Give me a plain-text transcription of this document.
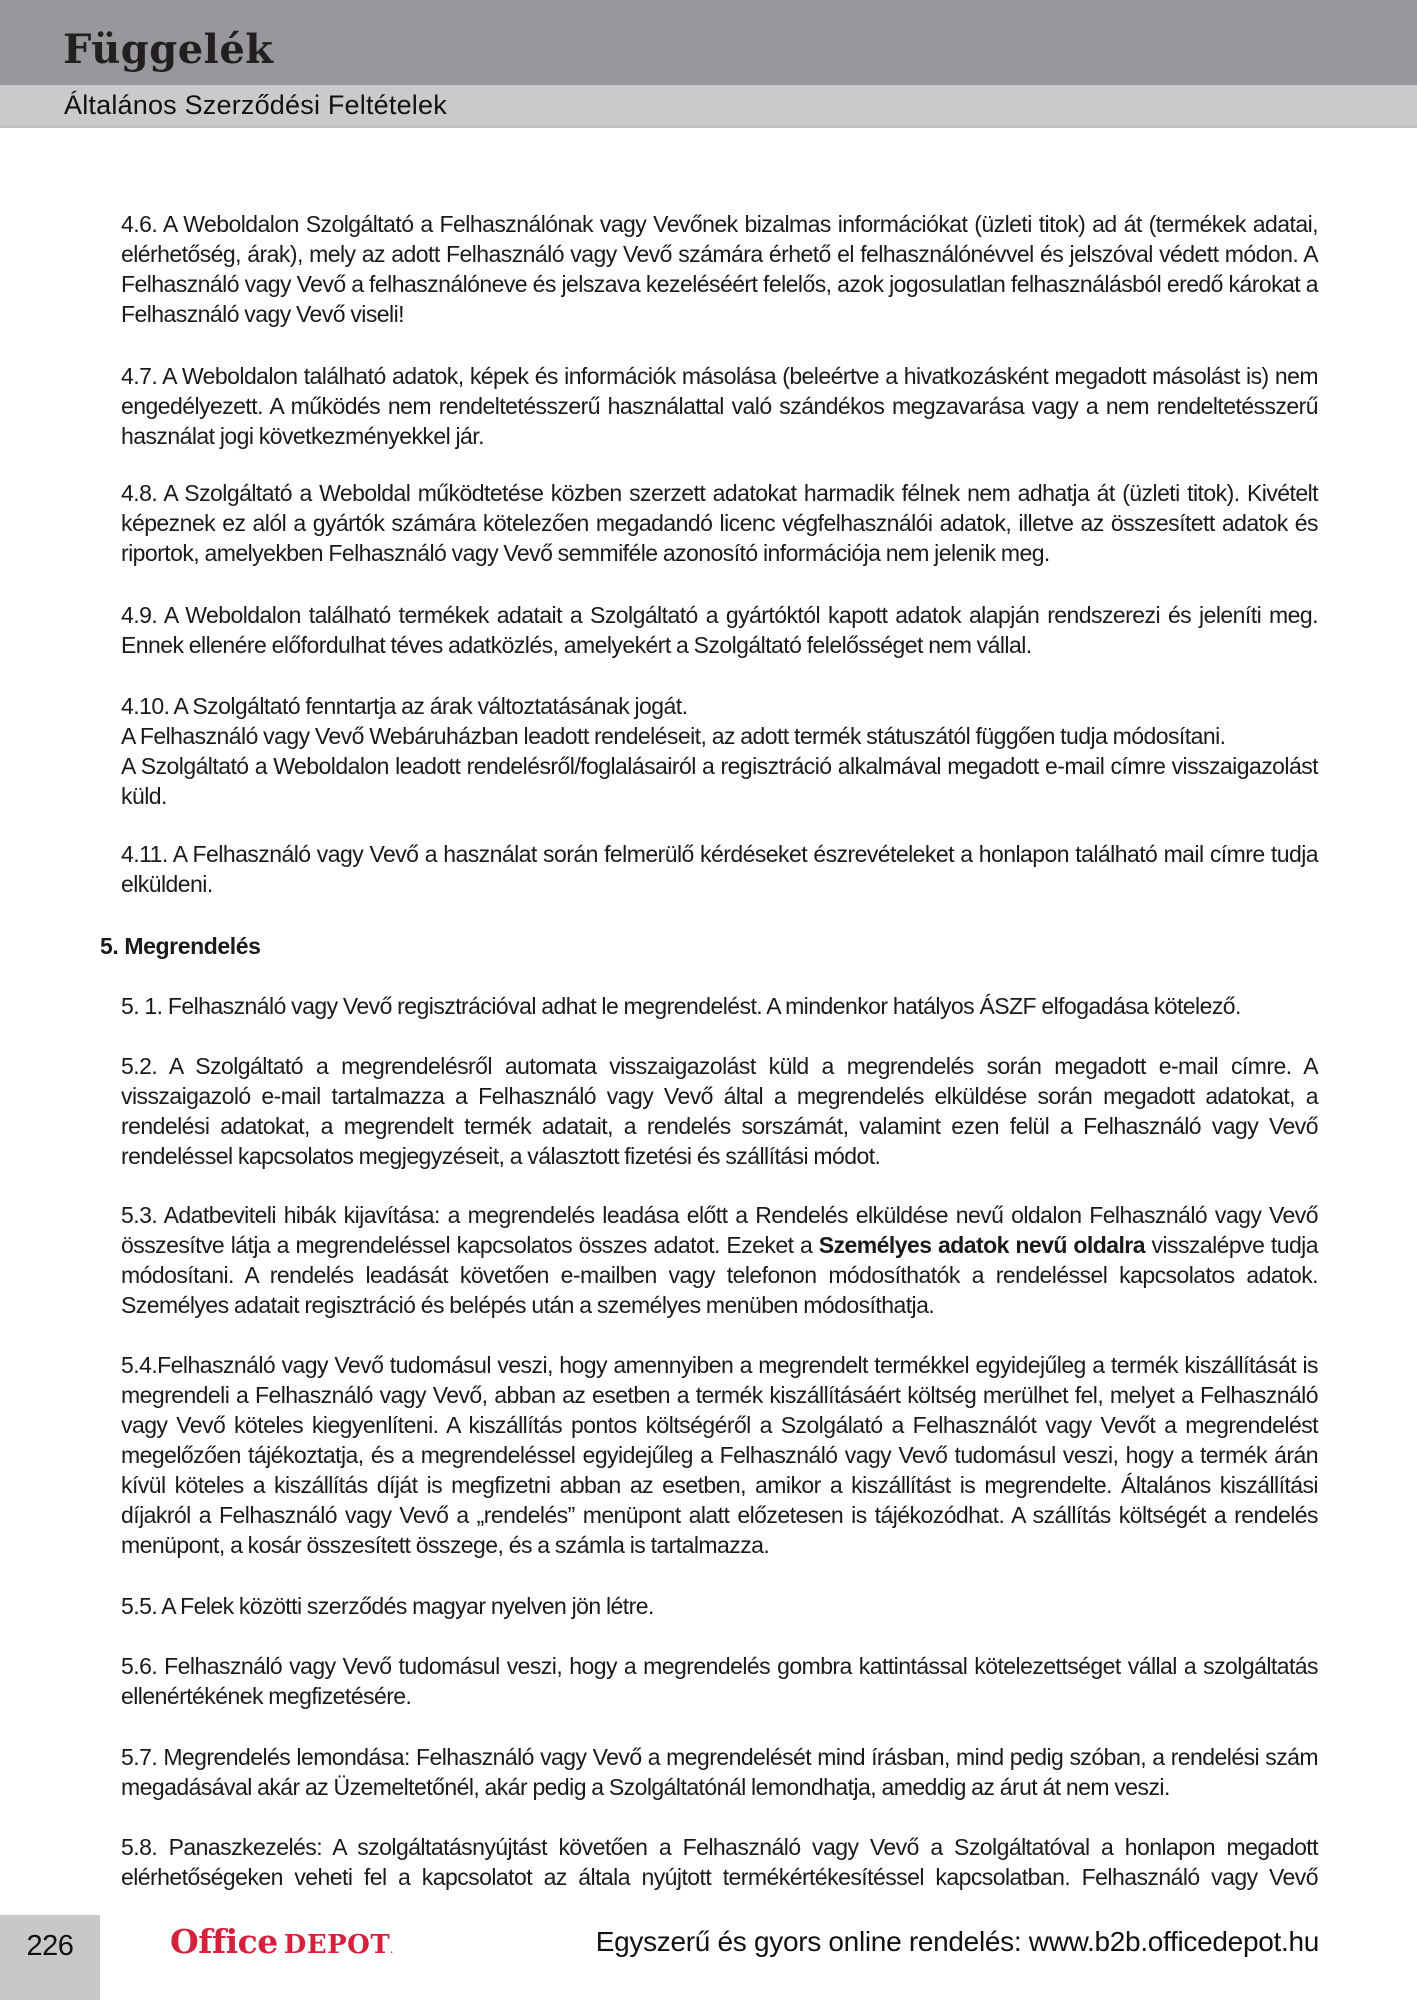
Függelék
Általános Szerződési Feltételek
4.6. A Weboldalon Szolgáltató a Felhasználónak vagy Vevőnek bizalmas információkat (üzleti titok) ad át (termékek adatai,
elérhetőség, árak), mely az adott Felhasználó vagy Vevő számára érhető el felhasználónévvel és jelszóval védett módon. A
Felhasználó vagy Vevő a felhasználóneve és jelszava kezeléséért felelős, azok jogosulatlan felhasználásból eredő károkat a
Felhasználó vagy Vevő viseli!
4.7. A Weboldalon található adatok, képek és információk másolása (beleértve a hivatkozásként megadott másolást is) nem
engedélyezett. A működés nem rendeltetésszerű használattal való szándékos megzavarása vagy a nem rendeltetésszerű
használat jogi következményekkel jár.
4.8. A Szolgáltató a Weboldal működtetése közben szerzett adatokat harmadik félnek nem adhatja át (üzleti titok). Kivételt
képeznek ez alól a gyártók számára kötelezően megadandó licenc végfelhasználói adatok, illetve az összesített adatok és
riportok, amelyekben Felhasználó vagy Vevő semmiféle azonosító információja nem jelenik meg.
4.9. A Weboldalon található termékek adatait a Szolgáltató a gyártóktól kapott adatok alapján rendszerezi és jeleníti meg.
Ennek ellenére előfordulhat téves adatközlés, amelyekért a Szolgáltató felelősséget nem vállal.
4.10. A Szolgáltató fenntartja az árak változtatásának jogát.
A Felhasználó vagy Vevő Webáruházban leadott rendeléseit, az adott termék státuszától függően tudja módosítani.
A Szolgáltató a Weboldalon leadott rendelésről/foglalásairól a regisztráció alkalmával megadott e-mail címre visszaigazolást
küld.
4.11. A Felhasználó vagy Vevő a használat során felmerülő kérdéseket észrevételeket a honlapon található mail címre tudja
elküldeni.
5. Megrendelés
5. 1. Felhasználó vagy Vevő regisztrációval adhat le megrendelést. A mindenkor hatályos ÁSZF elfogadása kötelező.
5.2. A Szolgáltató a megrendelésről automata visszaigazolást küld a megrendelés során megadott e-mail címre. A
visszaigazoló e-mail tartalmazza a Felhasználó vagy Vevő által a megrendelés elküldése során megadott adatokat, a
rendelési adatokat, a megrendelt termék adatait, a rendelés sorszámát, valamint ezen felül a Felhasználó vagy Vevő
rendeléssel kapcsolatos megjegyzéseit, a választott fizetési és szállítási módot.
5.3. Adatbeviteli hibák kijavítása: a megrendelés leadása előtt a Rendelés elküldése nevű oldalon Felhasználó vagy Vevő
összesítve látja a megrendeléssel kapcsolatos összes adatot. Ezeket a Személyes adatok nevű oldalra visszalépve tudja
módosítani. A rendelés leadását követően e-mailben vagy telefonon módosíthatók a rendeléssel kapcsolatos adatok.
Személyes adatait regisztráció és belépés után a személyes menüben módosíthatja.
5.4.Felhasználó vagy Vevő tudomásul veszi, hogy amennyiben a megrendelt termékkel egyidejűleg a termék kiszállítását is
megrendeli a Felhasználó vagy Vevő, abban az esetben a termék kiszállításáért költség merülhet fel, melyet a Felhasználó
vagy Vevő köteles kiegyenlíteni. A kiszállítás pontos költségéről a Szolgálató a Felhasználót vagy Vevőt a megrendelést
megelőzően tájékoztatja, és a megrendeléssel egyidejűleg a Felhasználó vagy Vevő tudomásul veszi, hogy a termék árán
kívül köteles a kiszállítás díját is megfizetni abban az esetben, amikor a kiszállítást is megrendelte. Általános kiszállítási
díjakról a Felhasználó vagy Vevő a „rendelés” menüpont alatt előzetesen is tájékozódhat. A szállítás költségét a rendelés
menüpont, a kosár összesített összege, és a számla is tartalmazza.
5.5. A Felek közötti szerződés magyar nyelven jön létre.
5.6. Felhasználó vagy Vevő tudomásul veszi, hogy a megrendelés gombra kattintással kötelezettséget vállal a szolgáltatás
ellenértékének megfizetésére.
5.7. Megrendelés lemondása: Felhasználó vagy Vevő a megrendelését mind írásban, mind pedig szóban, a rendelési szám
megadásával akár az Üzemeltetőnél, akár pedig a Szolgáltatónál lemondhatja, ameddig az árut át nem veszi.
5.8. Panaszkezelés: A szolgáltatásnyújtást követően a Felhasználó vagy Vevő a Szolgáltatóval a honlapon megadott
elérhetőségeken veheti fel a kapcsolatot az általa nyújtott termékértékesítéssel kapcsolatban. Felhasználó vagy Vevő
226	Office DEPOT.	Egyszerű és gyors online rendelés: www.b2b.officedepot.hu
